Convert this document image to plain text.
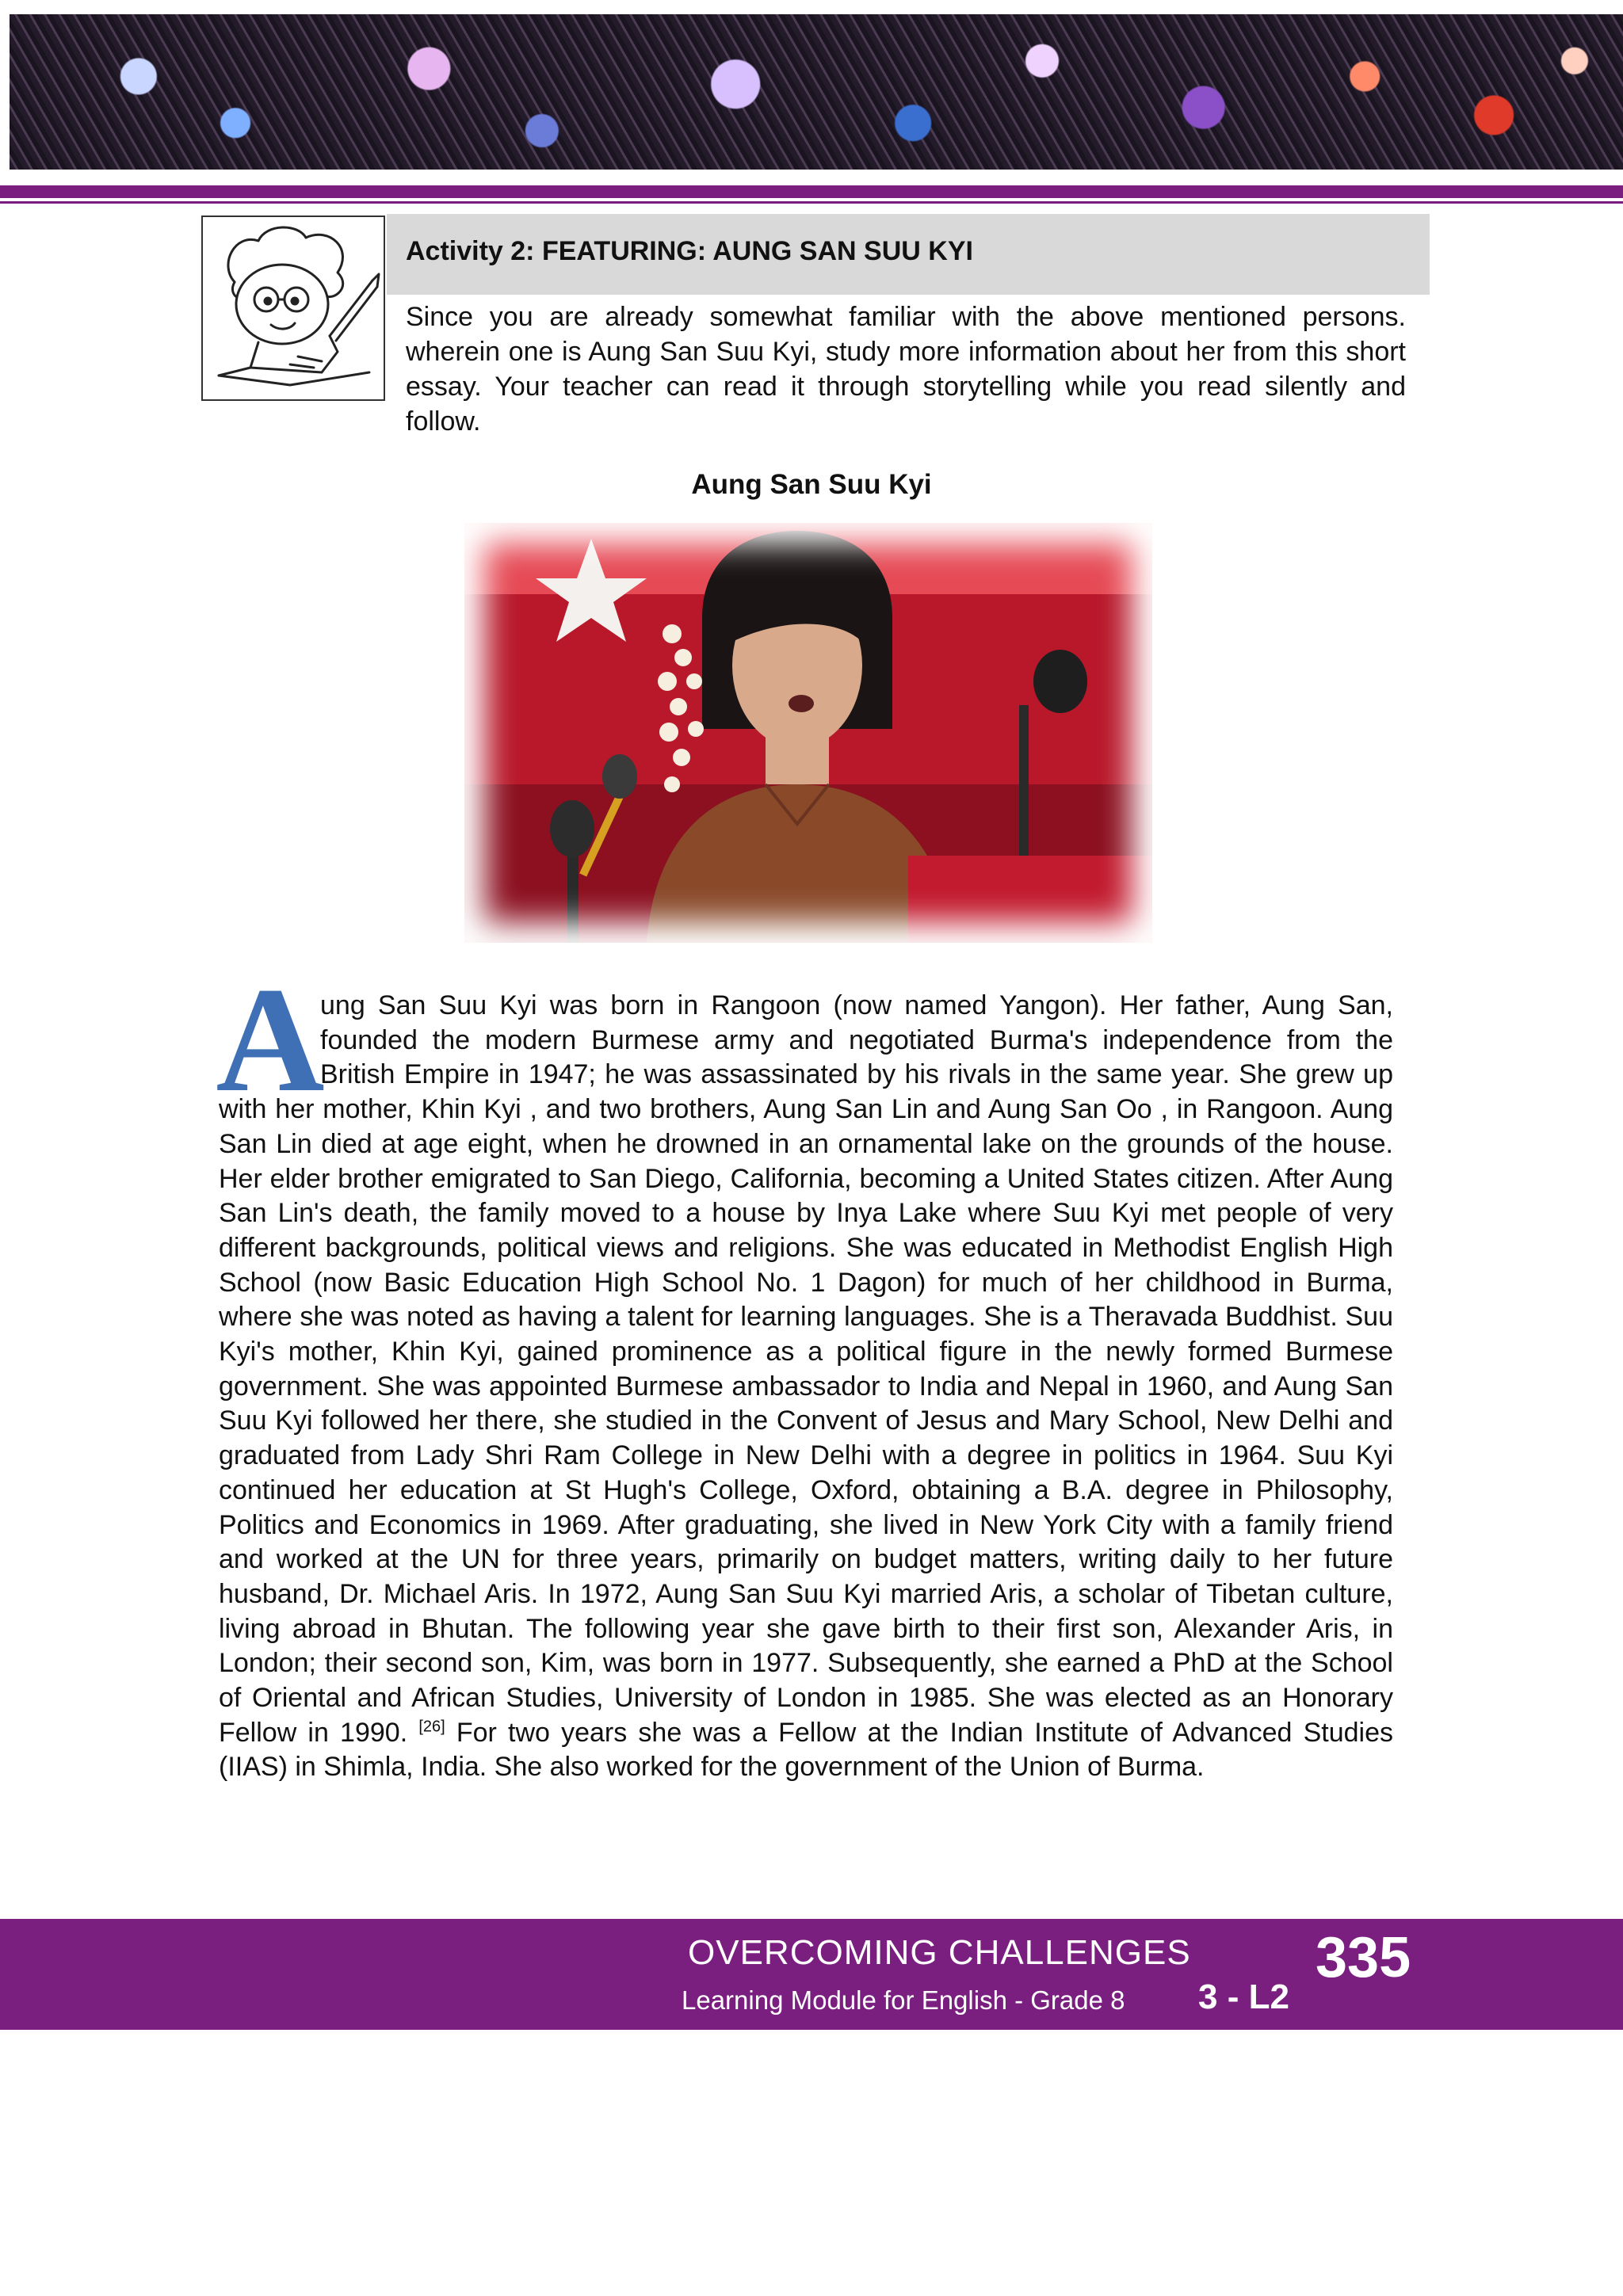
Activity 2: FEATURING: AUNG SAN SUU KYI
Since you are already somewhat familiar with the above mentioned persons. wherein one is Aung San Suu Kyi, study more information about her from this short essay. Your teacher can read it through storytelling while you read silently and follow.
Aung San Suu Kyi
A
ung San Suu Kyi was born in Rangoon (now named Yangon). Her father, Aung San, founded the modern Burmese army and negotiated Burma's independence from the British Empire in 1947; he was assassinated by his rivals in the same year. She grew up with her mother, Khin Kyi , and two brothers, Aung San Lin and Aung San Oo , in Rangoon. Aung San Lin died at age eight, when he drowned in an ornamental lake on the grounds of the house. Her elder brother emigrated to San Diego, California, becoming a United States citizen. After Aung San Lin's death, the family moved to a house by Inya Lake where Suu Kyi met people of very different backgrounds, political views and religions. She was educated in Methodist English High School (now Basic Education High School No. 1 Dagon) for much of her childhood in Burma, where she was noted as having a talent for learning languages. She is a Theravada Buddhist. Suu Kyi's mother, Khin Kyi, gained prominence as a political figure in the newly formed Burmese government. She was appointed Burmese ambassador to India and Nepal in 1960, and Aung San Suu Kyi followed her there, she studied in the Convent of Jesus and Mary School, New Delhi and graduated from Lady Shri Ram College in New Delhi with a degree in politics in 1964. Suu Kyi continued her education at St Hugh's College, Oxford, obtaining a B.A. degree in Philosophy, Politics and Economics in 1969. After graduating, she lived in New York City with a family friend and worked at the UN for three years, primarily on budget matters, writing daily to her future husband, Dr. Michael Aris. In 1972, Aung San Suu Kyi married Aris, a scholar of Tibetan culture, living abroad in Bhutan. The following year she gave birth to their first son, Alexander Aris, in London; their second son, Kim, was born in 1977. Subsequently, she earned a PhD at the School of Oriental and African Studies, University of London in 1985. She was elected as an Honorary Fellow in 1990. [26] For two years she was a Fellow at the Indian Institute of Advanced Studies (IIAS) in Shimla, India. She also worked for the government of the Union of Burma.
OVERCOMING CHALLENGES
Learning Module for English - Grade 8 3 - L2
335
